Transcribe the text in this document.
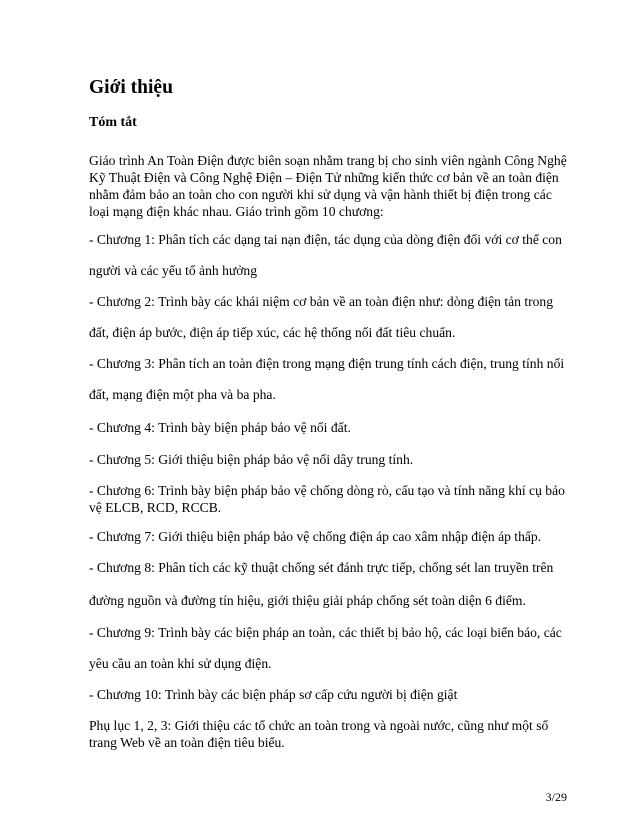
Giới thiệu
Tóm tắt

Giáo trình An Toàn Điện được biên soạn nhằm trang bị cho sinh viên ngành Công Nghệ

Kỹ Thuật Điện và Công Nghệ Điện – Điện Tử những kiến thức cơ bản về an toàn điện

nhằm đảm bảo an toàn cho con người khi sử dụng và vận hành thiết bị điện trong các

loại mạng điện khác nhau. Giáo trình gồm 10 chương:

- Chương 1: Phân tích các dạng tai nạn điện, tác dụng của dòng điện đối với cơ thể con

người và các yếu tố ảnh hưởng

- Chương 2: Trình bày các khái niệm cơ bản về an toàn điện như: dòng điện tản trong

đất, điện áp bước, điện áp tiếp xúc, các hệ thống nối đất tiêu chuẩn.

- Chương 3: Phân tích an toàn điện trong mạng điện trung tính cách điện, trung tính nối

đất, mạng điện một pha và ba pha.

- Chương 4: Trình bày biện pháp bảo vệ nối đất.

- Chương 5: Giới thiệu biện pháp bảo vệ nối dây trung tính.

- Chương 6: Trình bày biện pháp bảo vệ chống dòng rò, cấu tạo và tính năng khí cụ bảo

vệ ELCB, RCD, RCCB.

- Chương 7: Giới thiệu biện pháp bảo vệ chống điện áp cao xâm nhập điện áp thấp.

- Chương 8: Phân tích các kỹ thuật chống sét đánh trực tiếp, chống sét lan truyền trên

đường nguồn và đường tín hiệu, giới thiệu giải pháp chống sét toàn diện 6 điểm.

- Chương 9: Trình bày các biện pháp an toàn, các thiết bị bảo hộ, các loại biển báo, các

yêu cầu an toàn khi sử dụng điện.

- Chương 10: Trình bày các biện pháp sơ cấp cứu người bị điện giật

Phụ lục 1, 2, 3: Giới thiệu các tổ chức an toàn trong và ngoài nước, cũng như một số

trang Web về an toàn điện tiêu biểu.

3/29
